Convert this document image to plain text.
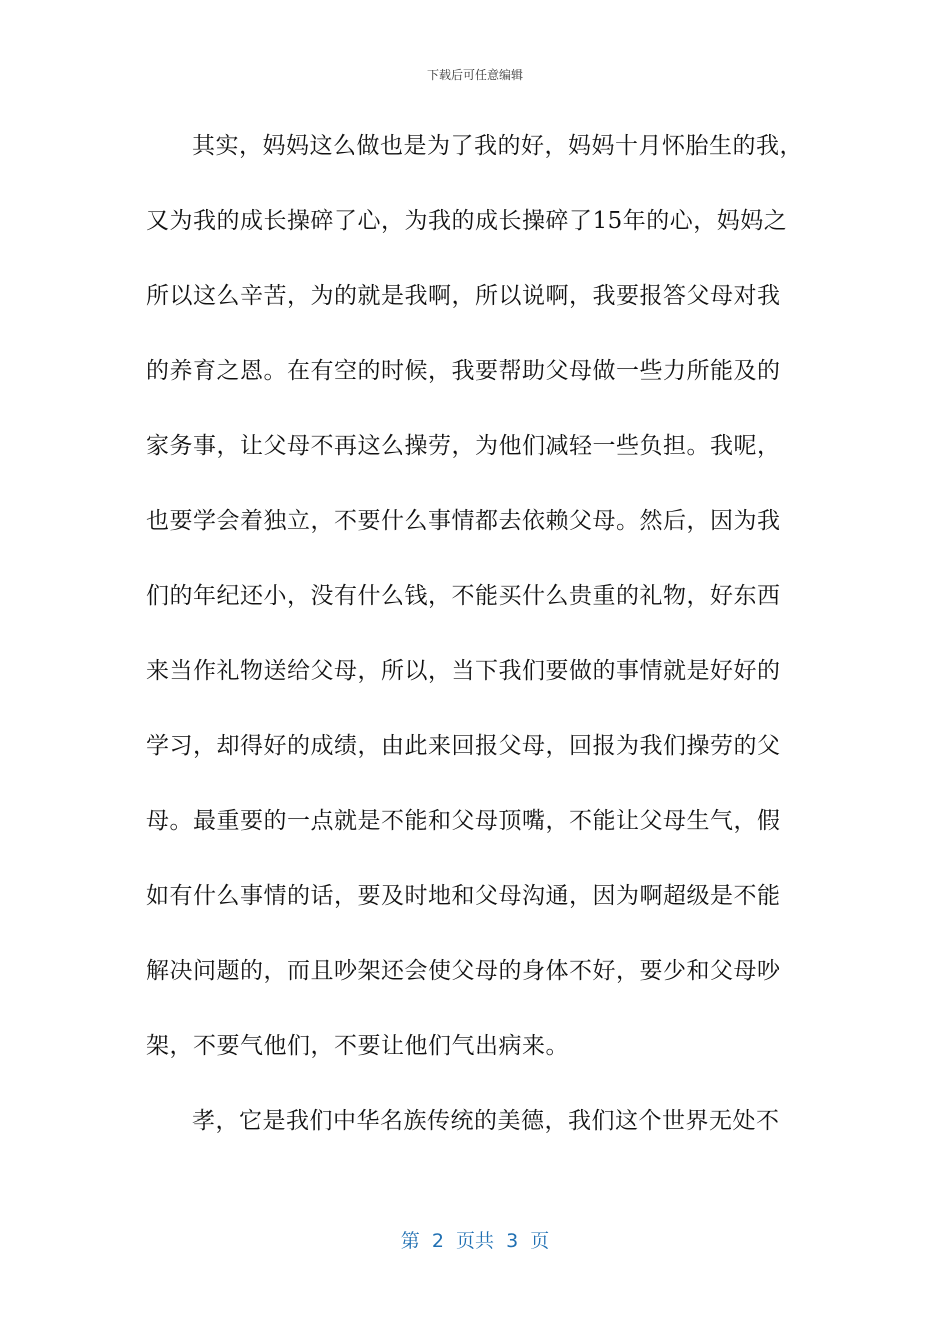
下载后可任意编辑
其实，妈妈这么做也是为了我的好，妈妈十月怀胎生的我，
又为我的成长操碎了心，为我的成长操碎了15年的心，妈妈之
所以这么辛苦，为的就是我啊，所以说啊，我要报答父母对我
的养育之恩。在有空的时候，我要帮助父母做一些力所能及的
家务事，让父母不再这么操劳，为他们减轻一些负担。我呢，
也要学会着独立，不要什么事情都去依赖父母。然后，因为我
们的年纪还小，没有什么钱，不能买什么贵重的礼物，好东西
来当作礼物送给父母，所以，当下我们要做的事情就是好好的
学习，却得好的成绩，由此来回报父母，回报为我们操劳的父
母。最重要的一点就是不能和父母顶嘴，不能让父母生气，假
如有什么事情的话，要及时地和父母沟通，因为啊超级是不能
解决问题的，而且吵架还会使父母的身体不好，要少和父母吵
架，不要气他们，不要让他们气出病来。
孝，它是我们中华名族传统的美德，我们这个世界无处不
第  2  页共  3  页
